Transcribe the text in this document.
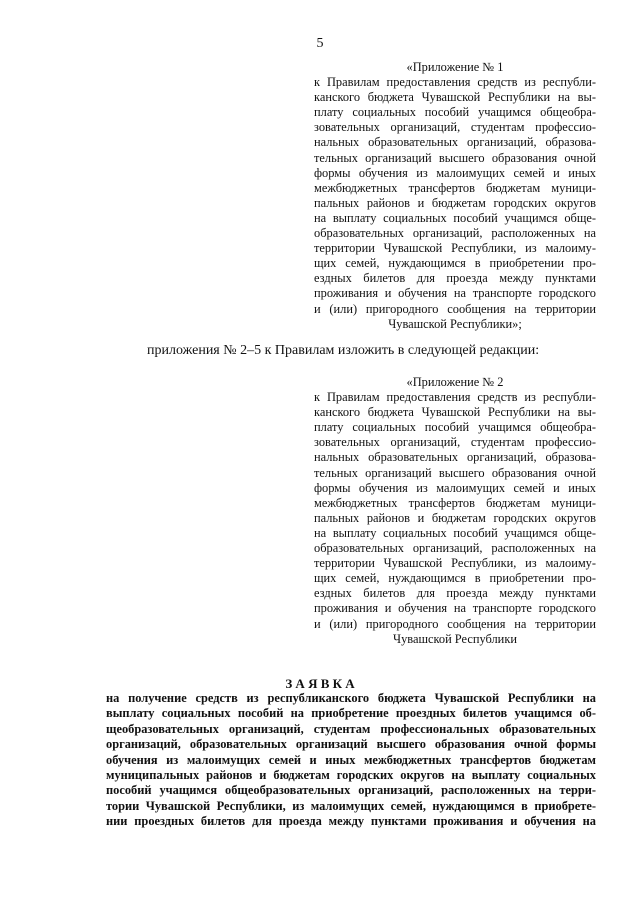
5

«Приложение № 1
к Правилам предоставления средств из республи-
канского бюджета Чувашской Республики на вы-
плату социальных пособий учащимся общеобра-
зовательных организаций, студентам профессио-
нальных образовательных организаций, образова-
тельных организаций высшего образования очной
формы обучения из малоимущих семей и иных
межбюджетных трансфертов бюджетам муници-
пальных районов и бюджетам городских округов
на выплату социальных пособий учащимся обще-
образовательных организаций, расположенных на
территории Чувашской Республики, из малоиму-
щих семей, нуждающимся в приобретении про-
ездных билетов для проезда между пунктами
проживания и обучения на транспорте городского
и (или) пригородного сообщения на территории
Чувашской Республики»;

приложения № 2–5 к Правилам изложить в следующей редакции:

«Приложение № 2
к Правилам предоставления средств из республи-
канского бюджета Чувашской Республики на вы-
плату социальных пособий учащимся общеобра-
зовательных организаций, студентам профессио-
нальных образовательных организаций, образова-
тельных организаций высшего образования очной
формы обучения из малоимущих семей и иных
межбюджетных трансфертов бюджетам муници-
пальных районов и бюджетам городских округов
на выплату социальных пособий учащимся обще-
образовательных организаций, расположенных на
территории Чувашской Республики, из малоиму-
щих семей, нуждающимся в приобретении про-
ездных билетов для проезда между пунктами
проживания и обучения на транспорте городского
и (или) пригородного сообщения на территории
Чувашской Республики

З А Я В К А

на получение средств из республиканского бюджета Чувашской Республики на
выплату социальных пособий на приобретение проездных билетов учащимся об-
щеобразовательных организаций, студентам профессиональных образовательных
организаций, образовательных организаций высшего образования очной формы
обучения из малоимущих семей и иных межбюджетных трансфертов бюджетам
муниципальных районов и бюджетам городских округов на выплату социальных
пособий учащимся общеобразовательных организаций, расположенных на терри-
тории Чувашской Республики, из малоимущих семей, нуждающимся в приобрете-
нии проездных билетов для проезда между пунктами проживания и обучения на
